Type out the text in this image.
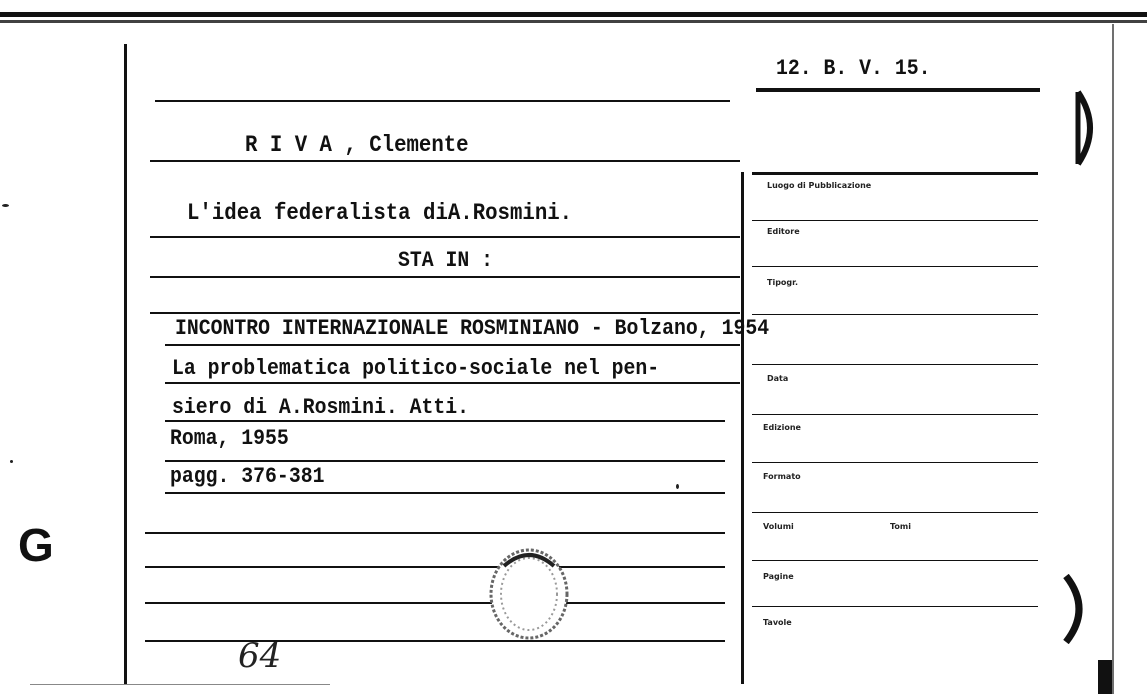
12. B. V. 15.
R I V A , Clemente
L'idea federalista diA.Rosmini.
STA IN :
INCONTRO INTERNAZIONALE ROSMINIANO - Bolzano, 1954
La problematica politico-sociale nel pen-
siero di A.Rosmini. Atti.
Roma, 1955
pagg. 376-381
Luogo di Pubblicazione
Editore
Tipogr.
Data
Edizione
Formato
Volumi	Tomi
Pagine
Tavole
G
64
